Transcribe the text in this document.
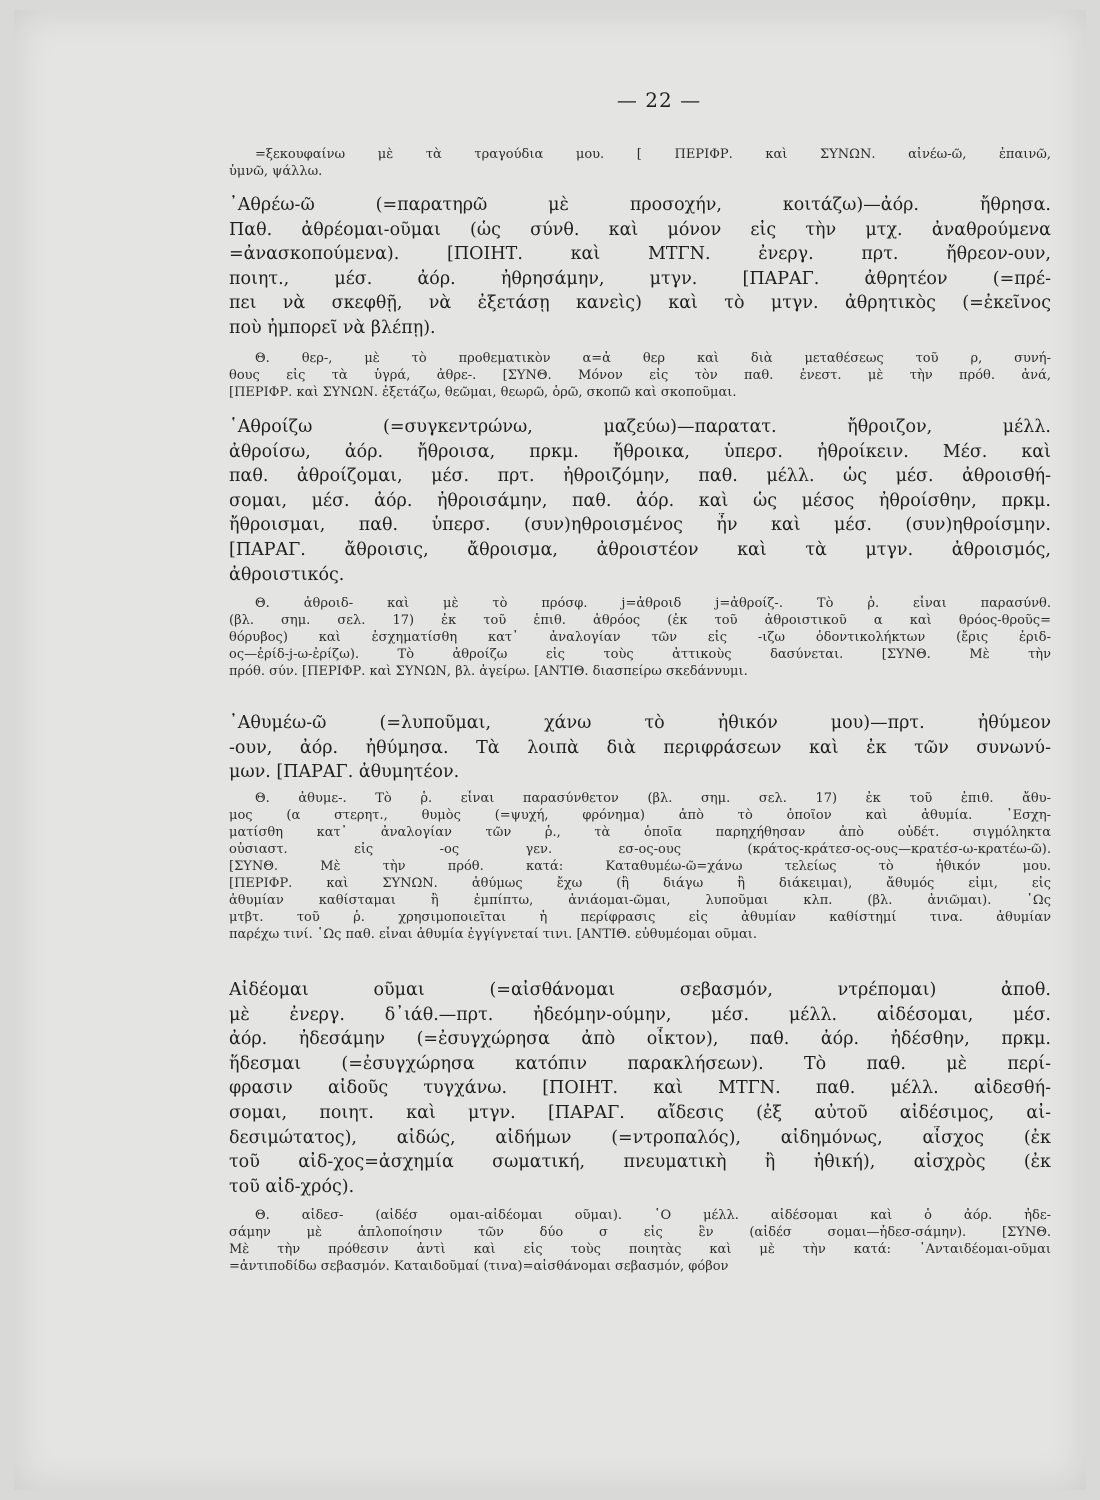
— 22 —
=ξεκουφαίνω μὲ τὰ τραγούδια μου. [ ΠΕΡΙΦΡ. καὶ ΣΥΝΩΝ. αἰνέω-ῶ, ἐπαινῶ,
ὑμνῶ, ψάλλω.
᾽Αθρέω-ῶ (=παρατηρῶ μὲ προσοχήν, κοιτάζω)—ἀόρ. ἤθρησα.
Παθ. ἀθρέομαι-οῦμαι (ὡς σύνθ. καὶ μόνον εἰς τὴν μτχ. ἀναθρούμενα
=ἀνασκοπούμενα). [ΠΟΙΗΤ. καὶ ΜΤΓΝ. ἐνεργ. πρτ. ἤθρεον-ουν,
ποιητ., μέσ. ἀόρ. ἠθρησάμην, μτγν. [ΠΑΡΑΓ. ἀθρητέον (=πρέ-
πει νὰ σκεφθῇ, νὰ ἐξετάσῃ κανεὶς) καὶ τὸ μτγν. ἀθρητικὸς (=ἐκεῖνος
ποὺ ἠμπορεῖ νὰ βλέπῃ).
Θ. θερ-, μὲ τὸ προθεματικὸν α=ἀ θερ καὶ διὰ μεταθέσεως τοῦ ρ, συνή-
θους εἰς τὰ ὑγρά, ἀθρε-. [ΣΥΝΘ. Μόνον εἰς τὸν παθ. ἐνεστ. μὲ τὴν πρόθ. ἀνά,
[ΠΕΡΙΦΡ. καὶ ΣΥΝΩΝ. ἐξετάζω, θεῶμαι, θεωρῶ, ὁρῶ, σκοπῶ καὶ σκοποῦμαι.
῾Αθροίζω (=συγκεντρώνω, μαζεύω)—παρατατ. ἤθροιζον, μέλλ.
ἀθροίσω, ἀόρ. ἤθροισα, πρκμ. ἤθροικα, ὑπερσ. ἠθροίκειν. Μέσ. καὶ
παθ. ἀθροίζομαι, μέσ. πρτ. ἠθροιζόμην, παθ. μέλλ. ὡς μέσ. ἀθροισθή-
σομαι, μέσ. ἀόρ. ἠθροισάμην, παθ. ἀόρ. καὶ ὡς μέσος ἠθροίσθην, πρκμ.
ἤθροισμαι, παθ. ὑπερσ. (συν)ηθροισμένος ἦν καὶ μέσ. (συν)ηθροίσμην.
[ΠΑΡΑΓ. ἄθροισις, ἄθροισμα, ἀθροιστέον καὶ τὰ μτγν. ἀθροισμός,
ἀθροιστικός.
Θ. ἀθροιδ- καὶ μὲ τὸ πρόσφ. j=ἀθροιδ j=ἀθροίζ-. Τὸ ῥ. εἶναι παρασύνθ.
(βλ. σημ. σελ. 17) ἐκ τοῦ ἐπιθ. ἀθρόος (ἐκ τοῦ ἀθροιστικοῦ α καὶ θρόος-θροῦς=
θόρυβος) καὶ ἐσχηματίσθη κατ᾽ ἀναλογίαν τῶν εἰς -ιζω ὀδοντικολήκτων (ἔρις ἐριδ-
ος—ἐρίδ-j-ω-ἐρίζω). Τὸ ἀθροίζω εἰς τοὺς ἀττικοὺς δασύνεται. [ΣΥΝΘ. Μὲ τὴν
πρόθ. σύν. [ΠΕΡΙΦΡ. καὶ ΣΥΝΩΝ, βλ. ἀγείρω. [ΑΝΤΙΘ. διασπείρω σκεδάννυμι.
᾽Αθυμέω-ῶ (=λυποῦμαι, χάνω τὸ ἠθικόν μου)—πρτ. ἠθύμεον
-ουν, ἀόρ. ἠθύμησα. Τὰ λοιπὰ διὰ περιφράσεων καὶ ἐκ τῶν συνωνύ-
μων. [ΠΑΡΑΓ. ἀθυμητέον.
Θ. ἀθυμε-. Τὸ ῥ. εἶναι παρασύνθετον (βλ. σημ. σελ. 17) ἐκ τοῦ ἐπιθ. ἄθυ-
μος (α στερητ., θυμὸς (=ψυχή, φρόνημα) ἀπὸ τὸ ὁποῖον καὶ ἀθυμία. ᾽Εσχη-
ματίσθη κατ᾽ ἀναλογίαν τῶν ῥ., τὰ ὁποῖα παρηχήθησαν ἀπὸ οὐδέτ. σιγμόληκτα
οὐσιαστ. εἰς -ος γεν. εσ-ος-ους (κράτος-κράτεσ-ος-ους—κρατέσ-ω-κρατέω-ῶ).
[ΣΥΝΘ. Μὲ τὴν πρόθ. κατά: Καταθυμέω-ῶ=χάνω τελείως τὸ ἠθικόν μου.
[ΠΕΡΙΦΡ. καὶ ΣΥΝΩΝ. ἀθύμως ἔχω (ἢ διάγω ἢ διάκειμαι), ἄθυμός εἰμι, εἰς
ἀθυμίαν καθίσταμαι ἢ ἐμπίπτω, ἀνιάομαι-ῶμαι, λυποῦμαι κλπ. (βλ. ἀνιῶμαι). ῾Ως
μτβτ. τοῦ ῥ. χρησιμοποιεῖται ἡ περίφρασις εἰς ἀθυμίαν καθίστημί τινα. ἀθυμίαν
παρέχω τινί. ῾Ως παθ. εἶναι ἀθυμία ἐγγίγνεταί τινι. [ΑΝΤΙΘ. εὐθυμέομαι οῦμαι.
Αἰδέομαι οῦμαι (=αἰσθάνομαι σεβασμόν, ντρέπομαι) ἀποθ.
μὲ ἐνεργ. δ᾽ιάθ.—πρτ. ἠδεόμην-ούμην, μέσ. μέλλ. αἰδέσομαι, μέσ.
ἀόρ. ἠδεσάμην (=ἐσυγχώρησα ἀπὸ οἶκτον), παθ. ἀόρ. ἠδέσθην, πρκμ.
ἥδεσμαι (=ἐσυγχώρησα κατόπιν παρακλήσεων). Τὸ παθ. μὲ περί-
φρασιν αἰδοῦς τυγχάνω. [ΠΟΙΗΤ. καὶ ΜΤΓΝ. παθ. μέλλ. αἰδεσθή-
σομαι, ποιητ. καὶ μτγν. [ΠΑΡΑΓ. αἴδεσις (ἐξ αὐτοῦ αἰδέσιμος, αἰ-
δεσιμώτατος), αἰδώς, αἰδήμων (=ντροπαλός), αἰδημόνως, αἶσχος (ἐκ
τοῦ αἰδ-χος=ἀσχημία σωματική, πνευματικὴ ἢ ἠθική), αἰσχρὸς (ἐκ
τοῦ αἰδ-χρός).
Θ. αἰδεσ- (αἰδέσ ομαι-αἰδέομαι οῦμαι). ῾Ο μέλλ. αἰδέσομαι καὶ ὁ ἀόρ. ἠδε-
σάμην μὲ ἁπλοποίησιν τῶν δύο σ εἰς ἓν (αἰδέσ σομαι—ἠδεσ-σάμην). [ΣΥΝΘ.
Μὲ τὴν πρόθεσιν ἀντὶ καὶ εἰς τοὺς ποιητὰς καὶ μὲ τὴν κατά: ᾽Ανταιδέομαι-οῦμαι
=ἀντιποδίδω σεβασμόν. Καταιδοῦμαί (τινα)=αἰσθάνομαι σεβασμόν, φόβον
